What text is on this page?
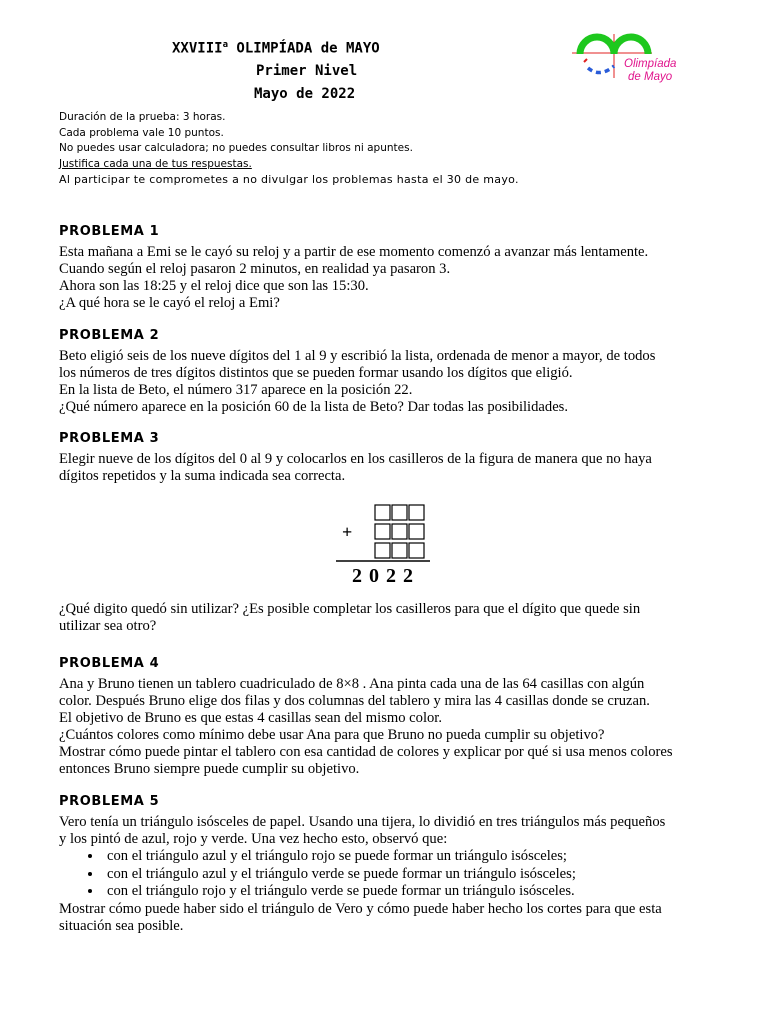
XXVIII$^a$ OLIMPÍADA de MAYO
Primer Nivel
Mayo de 2022
Olimpíada
de Mayo
Duración de la prueba: 3 horas.
Cada problema vale 10 puntos.
No puedes usar calculadora; no puedes consultar libros ni apuntes.
Justifica cada una de tus respuestas.
Al participar te comprometes a no divulgar los problemas hasta el 30 de mayo.
PROBLEMA 1
Esta mañana a Emi se le cayó su reloj y a partir de ese momento comenzó a avanzar más lentamente.
Cuando según el reloj pasaron 2 minutos, en realidad ya pasaron 3.
Ahora son las 18:25 y el reloj dice que son las 15:30.
¿A qué hora se le cayó el reloj a Emi?
PROBLEMA 2
Beto eligió seis de los nueve dígitos del 1 al 9 y escribió la lista, ordenada de menor a mayor, de todos
los números de tres dígitos distintos que se pueden formar usando los dígitos que eligió.
En la lista de Beto, el número 317 aparece en la posición 22.
¿Qué número aparece en la posición 60 de la lista de Beto? Dar todas las posibilidades.
PROBLEMA 3
Elegir nueve de los dígitos del 0 al 9 y colocarlos en los casilleros de la figura de manera que no haya
dígitos repetidos y la suma indicada sea correcta.
+
2 0 2 2
¿Qué digito quedó sin utilizar? ¿Es posible completar los casilleros para que el dígito que quede sin
utilizar sea otro?
PROBLEMA 4
Ana y Bruno tienen un tablero cuadriculado de 8×8 . Ana pinta cada una de las 64 casillas con algún
color. Después Bruno elige dos filas y dos columnas del tablero y mira las 4 casillas donde se cruzan.
El objetivo de Bruno es que estas 4 casillas sean del mismo color.
¿Cuántos colores como mínimo debe usar Ana para que Bruno no pueda cumplir su objetivo?
Mostrar cómo puede pintar el tablero con esa cantidad de colores y explicar por qué si usa menos colores
entonces Bruno siempre puede cumplir su objetivo.
PROBLEMA 5
Vero tenía un triángulo isósceles de papel. Usando una tijera, lo dividió en tres triángulos más pequeños
y los pintó de azul, rojo y verde. Una vez hecho esto, observó que:
• con el triángulo azul y el triángulo rojo se puede formar un triángulo isósceles;
• con el triángulo azul y el triángulo verde se puede formar un triángulo isósceles;
• con el triángulo rojo y el triángulo verde se puede formar un triángulo isósceles.
Mostrar cómo puede haber sido el triángulo de Vero y cómo puede haber hecho los cortes para que esta
situación sea posible.
